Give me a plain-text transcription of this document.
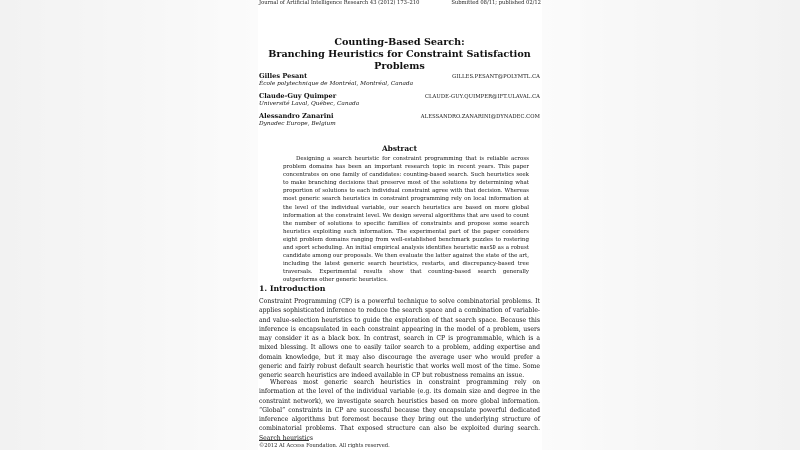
Journal of Artificial Intelligence Research 43 (2012) 173–210	Submitted 08/11; published 02/12
Counting-Based Search:
Branching Heuristics for Constraint Satisfaction Problems
Gilles Pesant
École polytechnique de Montréal, Montréal, Canada
GILLES.PESANT@POLYMTL.CA
Claude-Guy Quimper
Université Laval, Québec, Canada
CLAUDE-GUY.QUIMPER@IFT.ULAVAL.CA
Alessandro Zanarini
Dynadec Europe, Belgium
ALESSANDRO.ZANARINI@DYNADEC.COM
Abstract
Designing a search heuristic for constraint programming that is reliable across problem domains has been an important research topic in recent years. This paper concentrates on one family of candidates: counting-based search. Such heuristics seek to make branching decisions that preserve most of the solutions by determining what proportion of solutions to each individual constraint agree with that decision. Whereas most generic search heuristics in constraint programming rely on local information at the level of the individual variable, our search heuristics are based on more global information at the constraint level. We design several algorithms that are used to count the number of solutions to specific families of constraints and propose some search heuristics exploiting such information. The experimental part of the paper considers eight problem domains ranging from well-established benchmark puzzles to rostering and sport scheduling. An initial empirical analysis identifies heuristic maxSD as a robust candidate among our proposals. We then evaluate the latter against the state of the art, including the latest generic search heuristics, restarts, and discrepancy-based tree traversals. Experimental results show that counting-based search generally outperforms other generic heuristics.
1. Introduction
Constraint Programming (CP) is a powerful technique to solve combinatorial problems. It applies sophisticated inference to reduce the search space and a combination of variable- and value-selection heuristics to guide the exploration of that search space. Because this inference is encapsulated in each constraint appearing in the model of a problem, users may consider it as a black box. In contrast, search in CP is programmable, which is a mixed blessing. It allows one to easily tailor search to a problem, adding expertise and domain knowledge, but it may also discourage the average user who would prefer a generic and fairly robust default search heuristic that works well most of the time. Some generic search heuristics are indeed available in CP but robustness remains an issue.
Whereas most generic search heuristics in constraint programming rely on information at the level of the individual variable (e.g. its domain size and degree in the constraint network), we investigate search heuristics based on more global information. “Global” constraints in CP are successful because they encapsulate powerful dedicated inference algorithms but foremost because they bring out the underlying structure of combinatorial problems. That exposed structure can also be exploited during search. Search heuristics
©2012 AI Access Foundation. All rights reserved.
